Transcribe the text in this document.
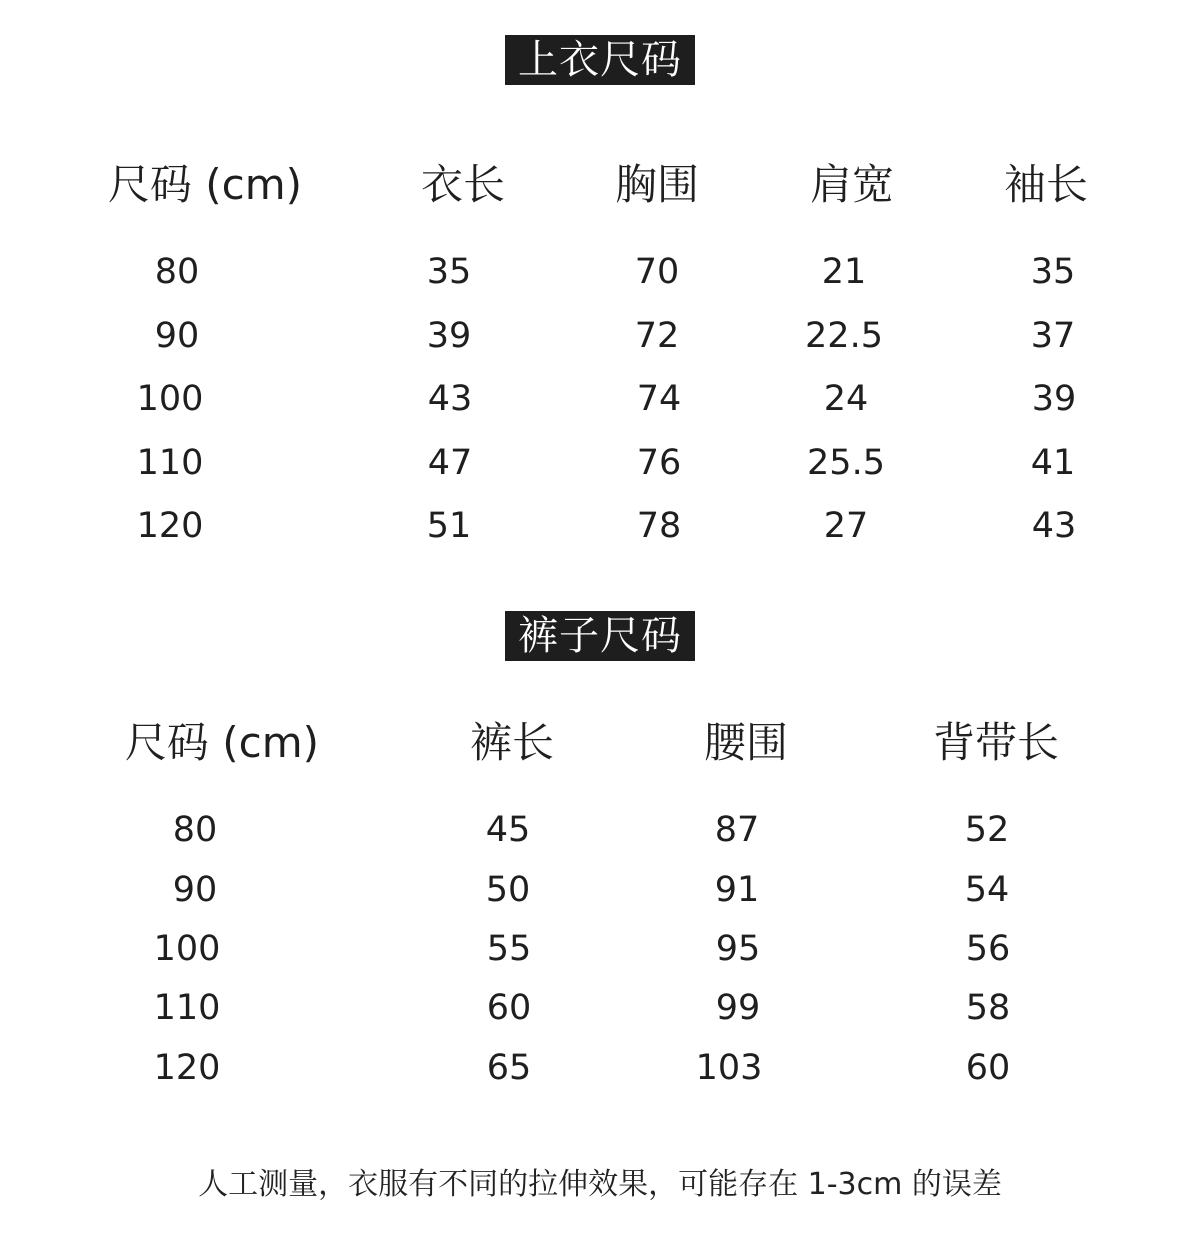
上衣尺码
尺码 (cm)	衣长	胸围	肩宽	袖长
80	35	70	21	35
90	39	72	22.5	37
100	43	74	24	39
110	47	76	25.5	41
120	51	78	27	43
裤子尺码
尺码 (cm)	裤长	腰围	背带长
80	45	87	52
90	50	91	54
100	55	95	56
110	60	99	58
120	65	103	60
人工测量，衣服有不同的拉伸效果，可能存在 1-3cm 的误差
